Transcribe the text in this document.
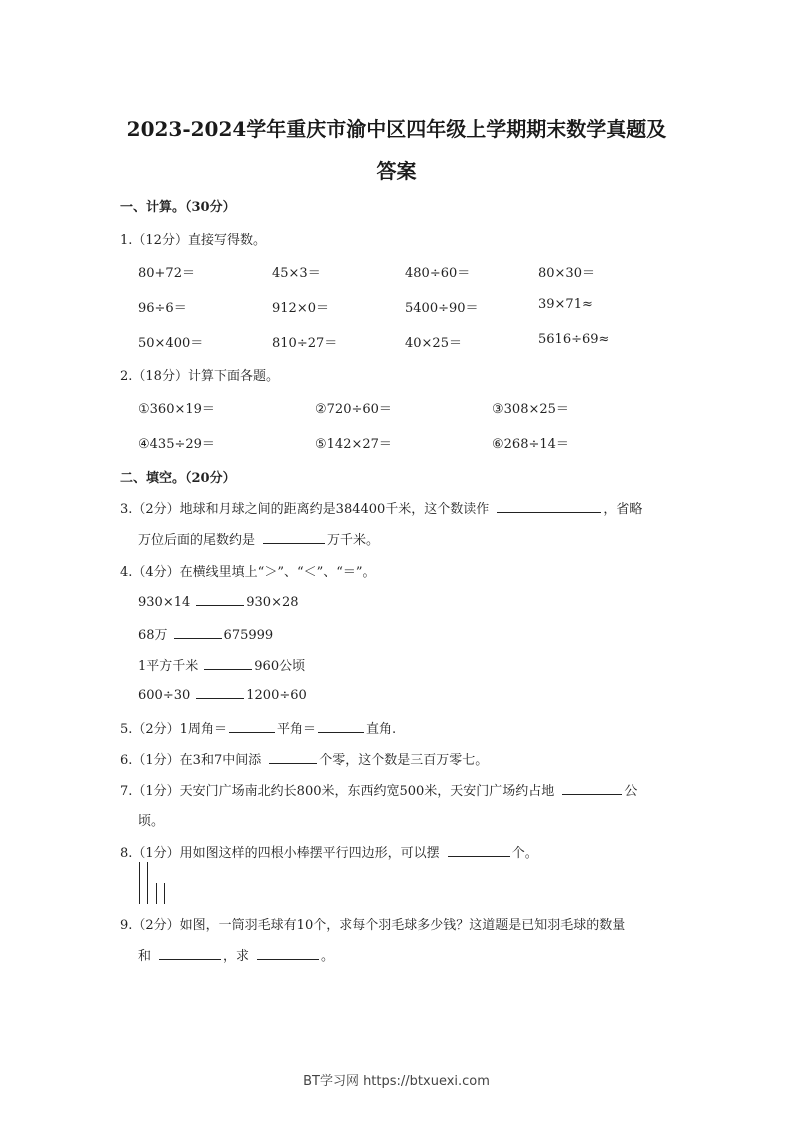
2023-2024学年重庆市渝中区四年级上学期期末数学真题及
答案
一、计算。（30分）
1.（12分）直接写得数。
80+72＝	45×3＝	480÷60＝	80×30＝
96÷6＝	912×0＝	5400÷90＝	39×71≈
50×400＝	810÷27＝	40×25＝	5616÷69≈
2.（18分）计算下面各题。
①360×19＝	②720÷60＝	③308×25＝
④435÷29＝	⑤142×27＝	⑥268÷14＝
二、填空。（20分）
3.（2分）地球和月球之间的距离约是384400千米，这个数读作	，省略
万位后面的尾数约是	万千米。
4.（4分）在横线里填上“＞”、“＜”、“＝”。
930×14	930×28
68万	675999
1平方千米	960公顷
600÷30	1200÷60
5.（2分）1周角＝	平角＝	直角.
6.（1分）在3和7中间添	个零，这个数是三百万零七。
7.（1分）天安门广场南北约长800米，东西约宽500米，天安门广场约占地	公
顷。
8.（1分）用如图这样的四根小棒摆平行四边形，可以摆	个。
9.（2分）如图，一筒羽毛球有10个，求每个羽毛球多少钱？这道题是已知羽毛球的数量
和	，求	。
BT学习网 https://btxuexi.com
